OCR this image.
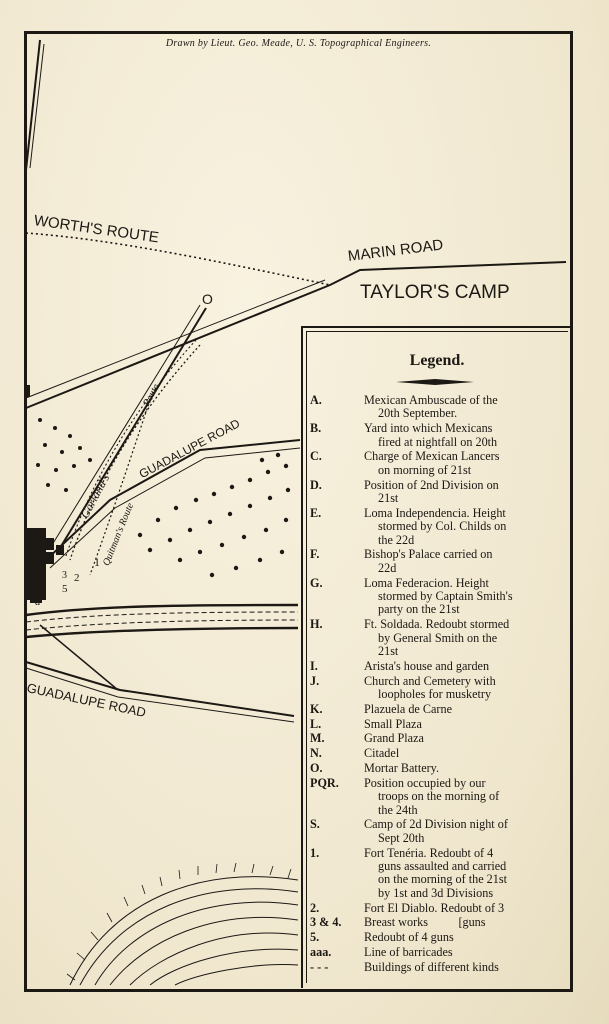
Drawn by Lieut. Geo. Meade, U. S. Topographical Engineers.
WORTH'S ROUTE
MARIN ROAD
TAYLOR'S CAMP
GUADALUPE ROAD
GUADALUPE ROAD
Garland's
Route
Quitman's Route
O
1
2
5
a
3
Legend.
A.	Mexican Ambuscade of the
20th September.
B.	Yard into which Mexicans
fired at nightfall on 20th
C.	Charge of Mexican Lancers
on morning of 21st
D.	Position of 2nd Division on
21st
E.	Loma Independencia. Height
stormed by Col. Childs on
the 22d
F.	Bishop's Palace carried on
22d
G.	Loma Federacion. Height
stormed by Captain Smith's
party on the 21st
H.	Ft. Soldada. Redoubt stormed
by General Smith on the
21st
I.	Arista's house and garden
J.	Church and Cemetery with
loopholes for musketry
K.	Plazuela de Carne
L.	Small Plaza
M.	Grand Plaza
N.	Citadel
O.	Mortar Battery.
PQR.	Position occupied by our
troops on the morning of
the 24th
S.	Camp of 2d Division night of
Sept 20th
1.	Fort Tenéria. Redoubt of 4
guns assaulted and carried
on the morning of the 21st
by 1st and 3d Divisions
2.	Fort El Diablo. Redoubt of 3
3 & 4.	Breast works          [guns
5.	Redoubt of 4 guns
aaa.	Line of barricades
- - -	Buildings of different kinds
